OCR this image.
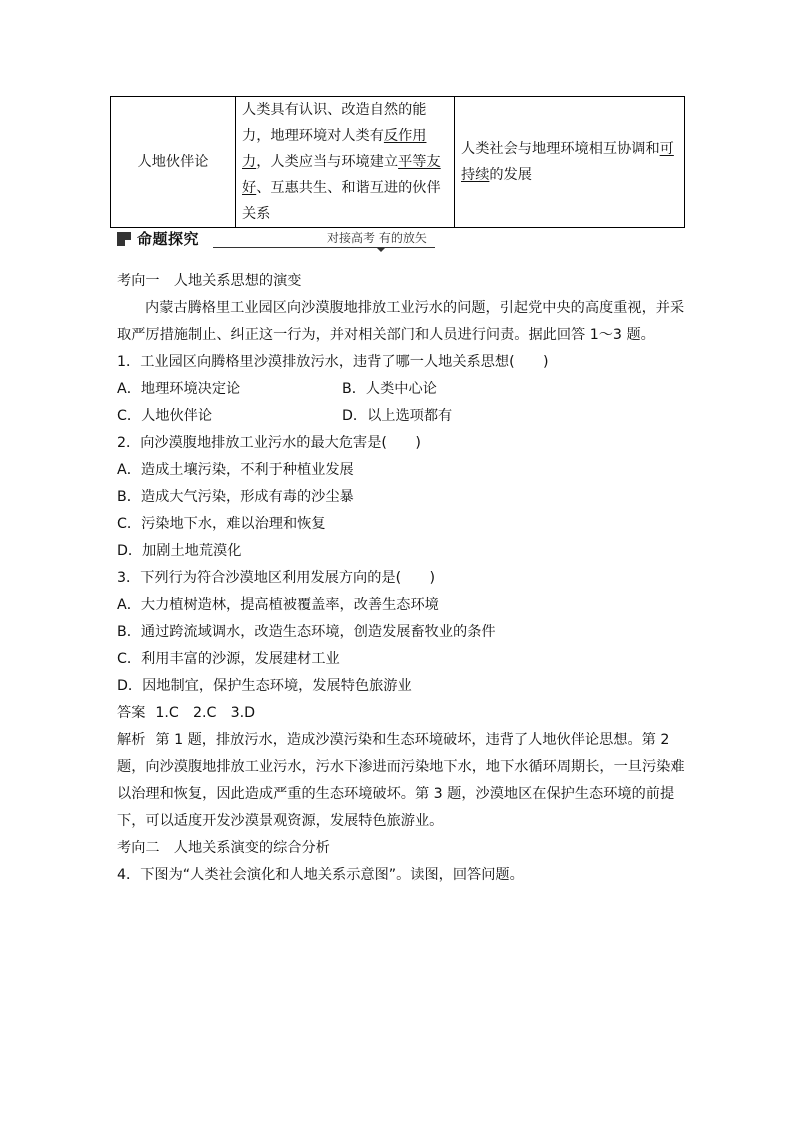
人地伙伴论	人类具有认识、改造自然的能力，地理环境对人类有反作用力，人类应当与环境建立平等友好、互惠共生、和谐互进的伙伴关系	人类社会与地理环境相互协调和可持续的发展
命题探究	对接高考 有的放矢

考向一　 人地关系思想的演变

内蒙古腾格里工业园区向沙漠腹地排放工业污水的问题，引起党中央的高度重视，并采取严厉措施制止、纠正这一行为，并对相关部门和人员进行问责。据此回答 1～3 题。

1．工业园区向腾格里沙漠排放污水，违背了哪一人地关系思想(　　)

A．地理环境决定论	B．人类中心论
C．人地伙伴论	D．以上选项都有

2．向沙漠腹地排放工业污水的最大危害是(　　)

A．造成土壤污染，不利于种植业发展

B．造成大气污染，形成有毒的沙尘暴

C．污染地下水，难以治理和恢复

D．加剧土地荒漠化

3．下列行为符合沙漠地区利用发展方向的是(　　)

A．大力植树造林，提高植被覆盖率，改善生态环境

B．通过跨流域调水，改造生态环境，创造发展畜牧业的条件

C．利用丰富的沙源，发展建材工业

D．因地制宜，保护生态环境，发展特色旅游业

答案 1.C　2.C　3.D

解析 第 1 题，排放污水，造成沙漠污染和生态环境破坏，违背了人地伙伴论思想。第 2 题，向沙漠腹地排放工业污水，污水下渗进而污染地下水，地下水循环周期长，一旦污染难以治理和恢复，因此造成严重的生态环境破坏。第 3 题，沙漠地区在保护生态环境的前提下，可以适度开发沙漠景观资源，发展特色旅游业。

考向二　 人地关系演变的综合分析

4．下图为“人类社会演化和人地关系示意图”。读图，回答问题。
